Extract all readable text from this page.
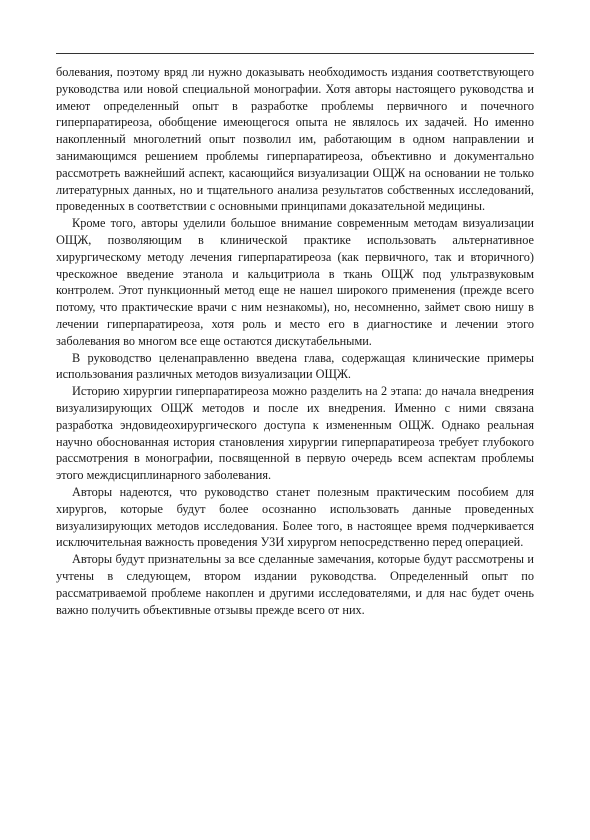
болевания, поэтому вряд ли нужно доказывать необходимость издания соответствующего руководства или новой специальной монографии. Хотя авторы настоящего руководства и имеют определенный опыт в разработке проблемы первичного и почечного гиперпаратиреоза, обобщение имеющегося опыта не являлось их задачей. Но именно накопленный многолетний опыт позволил им, работающим в одном направлении и занимающимся решением проблемы гиперпаратиреоза, объективно и документально рассмотреть важнейший аспект, касающийся визуализации ОЩЖ на основании не только литературных данных, но и тщательного анализа результатов собственных исследований, проведенных в соответствии с основными принципами доказательной медицины.

Кроме того, авторы уделили большое внимание современным методам визуализации ОЩЖ, позволяющим в клинической практике использовать альтернативное хирургическому методу лечения гиперпаратиреоза (как первичного, так и вторичного) чрескожное введение этанола и кальцитриола в ткань ОЩЖ под ультразвуковым контролем. Этот пункционный метод еще не нашел широкого применения (прежде всего потому, что практические врачи с ним незнакомы), но, несомненно, займет свою нишу в лечении гиперпаратиреоза, хотя роль и место его в диагностике и лечении этого заболевания во многом все еще остаются дискутабельными.

В руководство целенаправленно введена глава, содержащая клинические примеры использования различных методов визуализации ОЩЖ.

Историю хирургии гиперпаратиреоза можно разделить на 2 этапа: до начала внедрения визуализирующих ОЩЖ методов и после их внедрения. Именно с ними связана разработка эндовидеохирургического доступа к измененным ОЩЖ. Однако реальная научно обоснованная история становления хирургии гиперпаратиреоза требует глубокого рассмотрения в монографии, посвященной в первую очередь всем аспектам проблемы этого междисциплинарного заболевания.

Авторы надеются, что руководство станет полезным практическим пособием для хирургов, которые будут более осознанно использовать данные проведенных визуализирующих методов исследования. Более того, в настоящее время подчеркивается исключительная важность проведения УЗИ хирургом непосредственно перед операцией.

Авторы будут признательны за все сделанные замечания, которые будут рассмотрены и учтены в следующем, втором издании руководства. Определенный опыт по рассматриваемой проблеме накоплен и другими исследователями, и для нас будет очень важно получить объективные отзывы прежде всего от них.
